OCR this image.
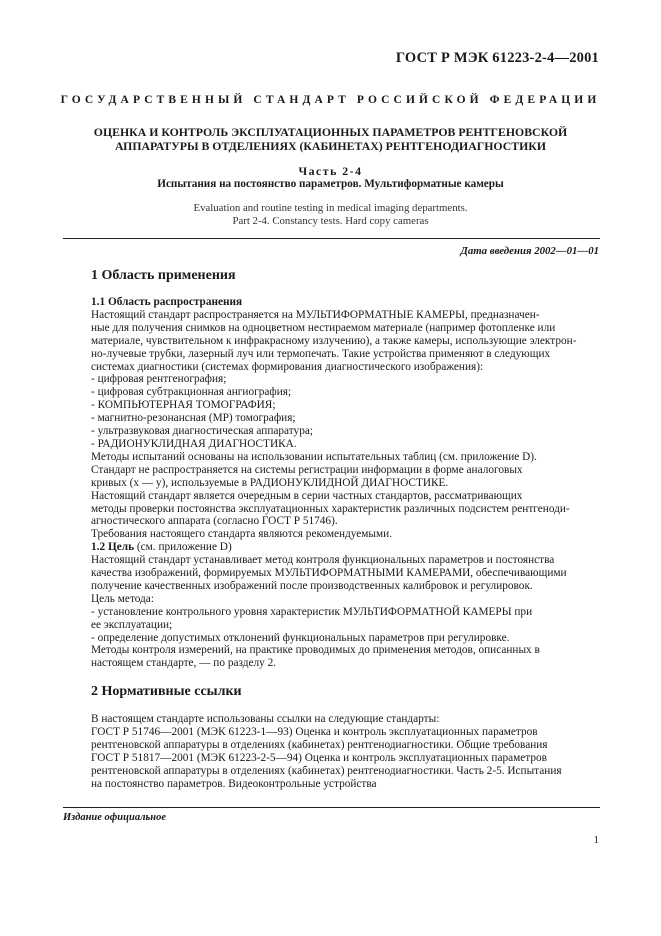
ГОСТ Р МЭК 61223-2-4—2001
ГОСУДАРСТВЕННЫЙ СТАНДАРТ РОССИЙСКОЙ ФЕДЕРАЦИИ
ОЦЕНКА И КОНТРОЛЬ ЭКСПЛУАТАЦИОННЫХ ПАРАМЕТРОВ РЕНТГЕНОВСКОЙ
АППАРАТУРЫ В ОТДЕЛЕНИЯХ (КАБИНЕТАХ) РЕНТГЕНОДИАГНОСТИКИ
Часть 2-4
Испытания на постоянство параметров. Мультиформатные камеры
Evaluation and routine testing in medical imaging departments.
Part 2-4. Constancy tests. Hard copy cameras
Дата введения 2002—01—01
1 Область применения

1.1 Область распространения

Настоящий стандарт распространяется на МУЛЬТИФОРМАТНЫЕ КАМЕРЫ, предназначен-

ные для получения снимков на одноцветном нестираемом материале (например фотопленке или

материале, чувствительном к инфракрасному излучению), а также камеры, использующие электрон-

но-лучевые трубки, лазерный луч или термопечать. Такие устройства применяют в следующих

системах диагностики (системах формирования диагностического изображения):

- цифровая рентгенография;

- цифровая субтракционная ангиография;

- КОМПЬЮТЕРНАЯ ТОМОГРАФИЯ;

- магнитно-резонансная (МР) томография;

- ультразвуковая диагностическая аппаратура;

- РАДИОНУКЛИДНАЯ ДИАГНОСТИКА.

Методы испытаний основаны на использовании испытательных таблиц (см. приложение D).

Стандарт не распространяется на системы регистрации информации в форме аналоговых

кривых (x — y), используемые в РАДИОНУКЛИДНОЙ ДИАГНОСТИКЕ.

Настоящий стандарт является очередным в серии частных стандартов, рассматривающих

методы проверки постоянства эксплуатационных характеристик различных подсистем рентгеноди-

агностического аппарата (согласно ГОСТ Р 51746).

Требования настоящего стандарта являются рекомендуемыми.

1.2 Цель (см. приложение D)

Настоящий стандарт устанавливает метод контроля функциональных параметров и постоянства

качества изображений, формируемых МУЛЬТИФОРМАТНЫМИ КАМЕРАМИ, обеспечивающими

получение качественных изображений после производственных калибровок и регулировок.

Цель метода:

- установление контрольного уровня характеристик МУЛЬТИФОРМАТНОЙ КАМЕРЫ при

ее эксплуатации;

- определение допустимых отклонений функциональных параметров при регулировке.

Методы контроля измерений, на практике проводимых до применения методов, описанных в

настоящем стандарте, — по разделу 2.

2 Нормативные ссылки

В настоящем стандарте использованы ссылки на следующие стандарты:

ГОСТ Р 51746—2001 (МЭК 61223-1—93) Оценка и контроль эксплуатационных параметров

рентгеновской аппаратуры в отделениях (кабинетах) рентгенодиагностики. Общие требования

ГОСТ Р 51817—2001 (МЭК 61223-2-5—94) Оценка и контроль эксплуатационных параметров

рентгеновской аппаратуры в отделениях (кабинетах) рентгенодиагностики. Часть 2-5. Испытания

на постоянство параметров. Видеоконтрольные устройства

Издание официальное
1
